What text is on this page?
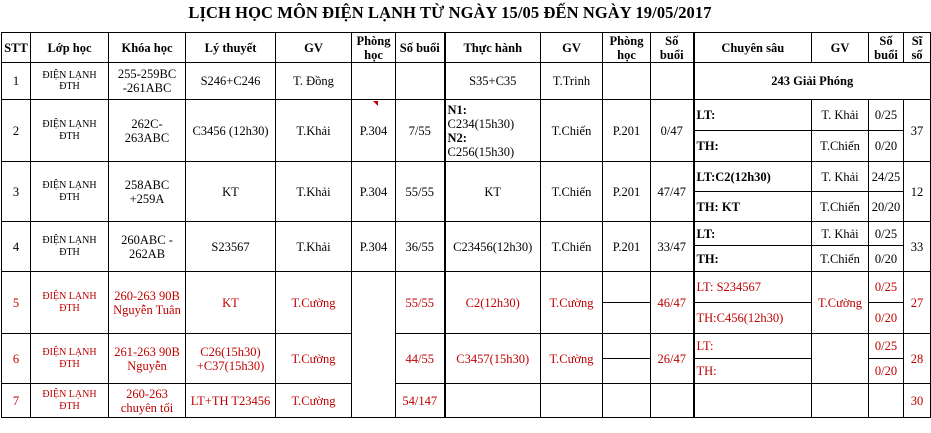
LỊCH HỌC MÔN ĐIỆN LẠNH TỪ NGÀY 15/05 ĐẾN NGÀY 19/05/2017
STT	Lớp học	Khóa học	Lý thuyết	GV	Phòng học	Số buổi	Thực hành	GV	Phòng học	Số buổi	Chuyên sâu	GV	Số buổi	Sĩ số
1	ĐIỆN LẠNH ĐTH	255-259BC -261ABC	S246+C246	T. Đồng			S35+C35	T.Trinh			243 Giải Phóng			
2	ĐIỆN LẠNH ĐTH	262C-263ABC	C3456 (12h30)	T.Khải	P.304	7/55	N1:
C234(15h30)
N2:
C256(15h30)	T.Chiến	P.201	0/47	LT:	T. Khải	0/25	37
											TH:	T.Chiến	0/20	
3	ĐIỆN LẠNH ĐTH	258ABC +259A	KT	T.Khải	P.304	55/55	KT	T.Chiến	P.201	47/47	LT:C2(12h30)	T. Khải	24/25	12
											TH: KT	T.Chiến	20/20	
4	ĐIỆN LẠNH ĐTH	260ABC - 262AB	S23567	T.Khải	P.304	36/55	C23456(12h30)	T.Chiến	P.201	33/47	LT:	T. Khải	0/25	33
											TH:	T.Chiến	0/20	
5	ĐIỆN LẠNH ĐTH	260-263 90B Nguyễn Tuân	KT	T.Cường		55/55	C2(12h30)	T.Cường		46/47	LT: S234567	T.Cường	0/25	27
											TH:C456(12h30)		0/20	
6	ĐIỆN LẠNH ĐTH	261-263 90B Nguyễn	C26(15h30) +C37(15h30)	T.Cường		44/55	C3457(15h30)	T.Cường		26/47	LT:		0/25	28
											TH:		0/20	
7	ĐIỆN LẠNH ĐTH	260-263 chuyên tối	LT+TH T23456	T.Cường		54/147								30
